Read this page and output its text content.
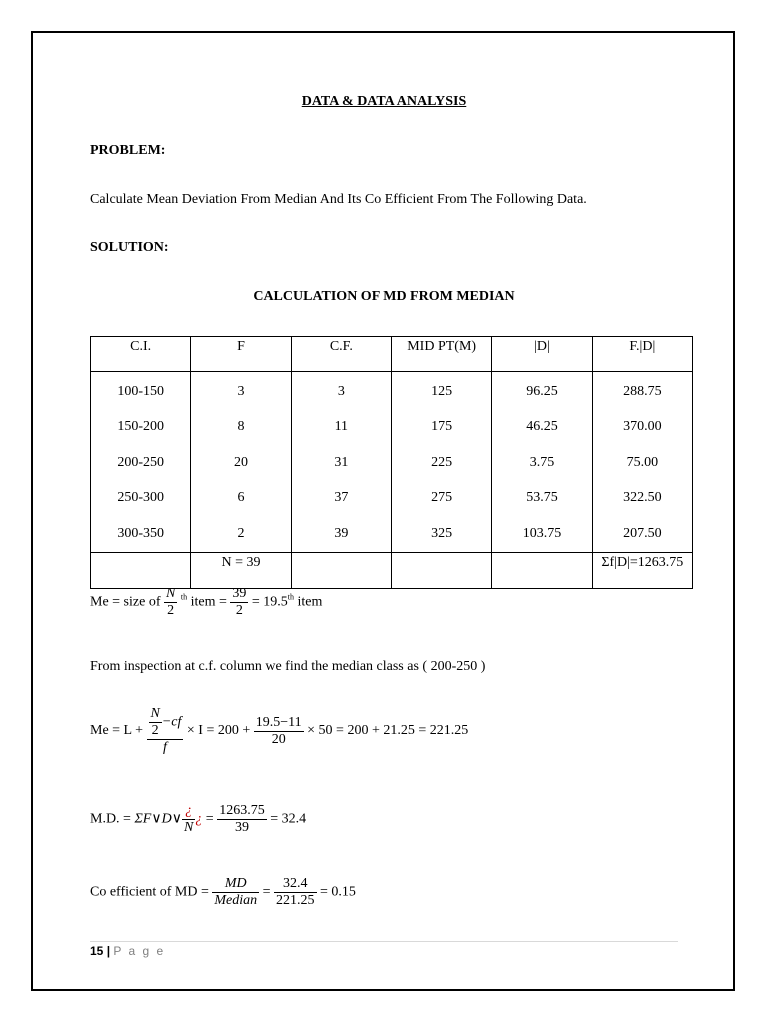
DATA & DATA ANALYSIS
PROBLEM:
Calculate Mean Deviation From Median And Its Co Efficient From The Following Data.
SOLUTION:
CALCULATION OF MD FROM MEDIAN
C.I.	F	C.F.	MID PT(M)	|D|	F.|D|
100-150	3	3	125	96.25	288.75
150-200	8	11	175	46.25	370.00
200-250	20	31	225	3.75	75.00
250-300	6	37	275	53.75	322.50
300-350	2	39	325	103.75	207.50
	N = 39				Σf|D|=1263.75
Me = size of $\frac{N}{2} ^{th}$ item = $\frac{39}{2} = 19.5th$ item
From inspection at c.f. column we find the median class as ( 200-250 )
$Me = L + \frac{\frac{N}{2} -cf}{f} \times I = 200 + \frac{19.5-11}{20} \times 50 = 200 + 21.25 = 221.25$
M.D. = ΣF∨D∨ $\frac{¿}{N}$ ¿ = $\frac{1263.75}{39} = 32.4$
Co efficient of MD = $\frac{MD}{\text{Median}} = \frac{32.4}{221.25} = 0.15$
15 | P a g e
